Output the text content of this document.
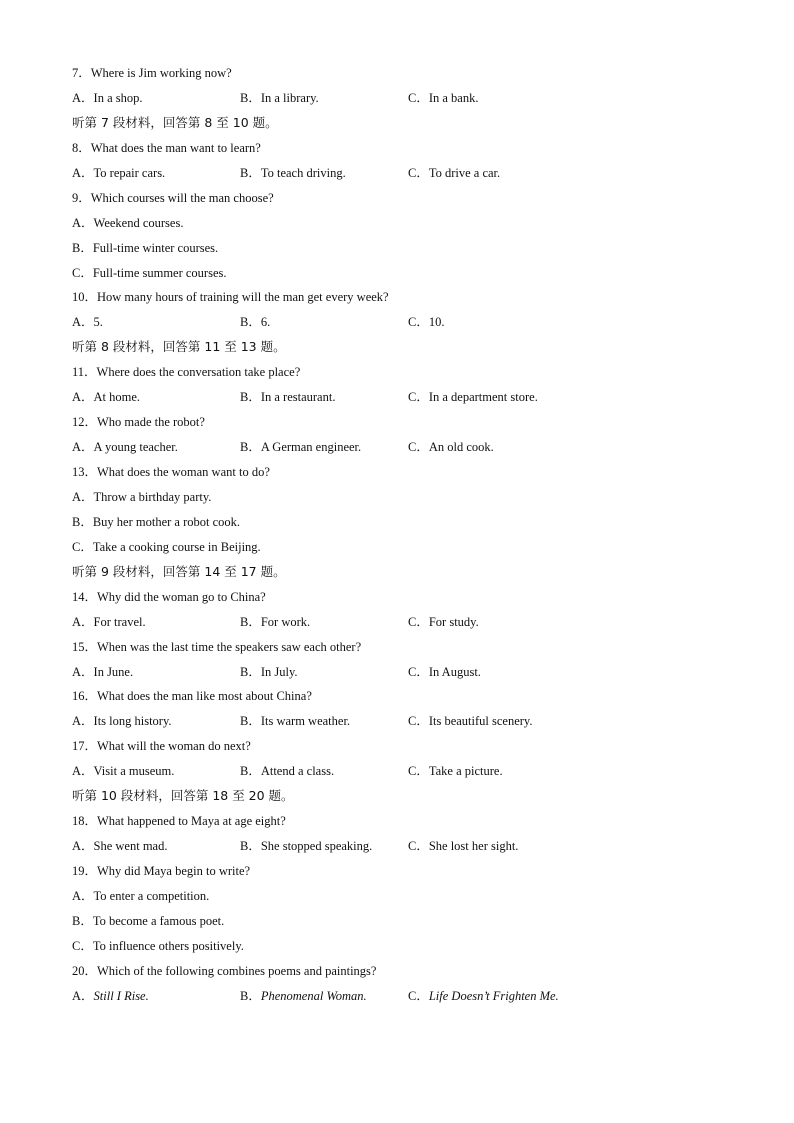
7．Where is Jim working now?
A．In a shop.	B．In a library.	C．In a bank.
听第 7 段材料，回答第 8 至 10 题。
8．What does the man want to learn?
A．To repair cars.	B．To teach driving.	C．To drive a car.
9．Which courses will the man choose?
A．Weekend courses.
B．Full-time winter courses.
C．Full-time summer courses.
10．How many hours of training will the man get every week?
A．5.	B．6.	C．10.
听第 8 段材料，回答第 11 至 13 题。
11．Where does the conversation take place?
A．At home.	B．In a restaurant.	C．In a department store.
12．Who made the robot?
A．A young teacher.	B．A German engineer.	C．An old cook.
13．What does the woman want to do?
A．Throw a birthday party.
B．Buy her mother a robot cook.
C．Take a cooking course in Beijing.
听第 9 段材料，回答第 14 至 17 题。
14．Why did the woman go to China?
A．For travel.	B．For work.	C．For study.
15．When was the last time the speakers saw each other?
A．In June.	B．In July.	C．In August.
16．What does the man like most about China?
A．Its long history.	B．Its warm weather.	C．Its beautiful scenery.
17．What will the woman do next?
A．Visit a museum.	B．Attend a class.	C．Take a picture.
听第 10 段材料，回答第 18 至 20 题。
18．What happened to Maya at age eight?
A．She went mad.	B．She stopped speaking.	C．She lost her sight.
19．Why did Maya begin to write?
A．To enter a competition.
B．To become a famous poet.
C．To influence others positively.
20．Which of the following combines poems and paintings?
A．Still I Rise.	B．Phenomenal Woman.	C．Life Doesn’t Frighten Me.
